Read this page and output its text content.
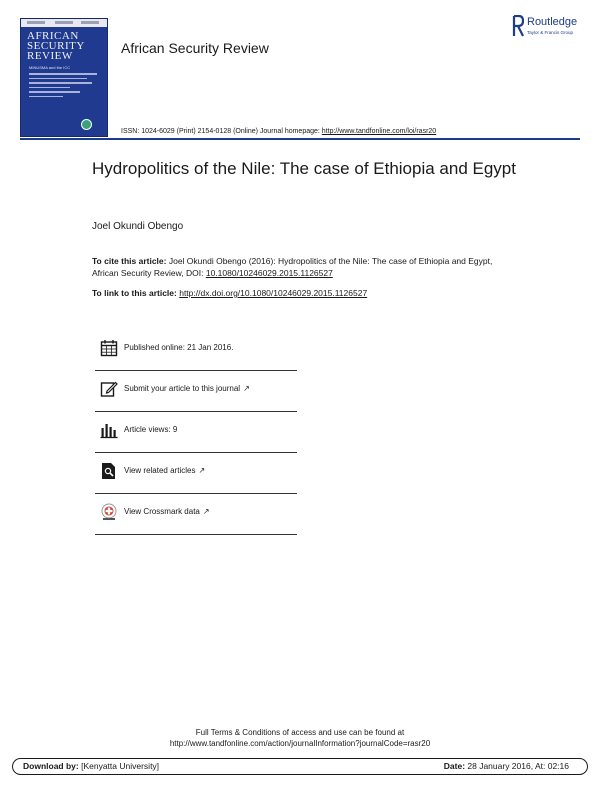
AFRICAN
SECURITY
REVIEW
MINUSMA and the ICC
African Security Review
Routledge
Taylor & Francis Group
ISSN: 1024-6029 (Print) 2154-0128 (Online) Journal homepage: http://www.tandfonline.com/loi/rasr20
Hydropolitics of the Nile: The case of Ethiopia and Egypt
Joel Okundi Obengo
To cite this article: Joel Okundi Obengo (2016): Hydropolitics of the Nile: The case of Ethiopia and Egypt, African Security Review, DOI: 10.1080/10246029.2015.1126527
To link to this article: http://dx.doi.org/10.1080/10246029.2015.1126527
Published online: 21 Jan 2016.
Submit your article to this journal ↗
Article views: 9
View related articles ↗
View Crossmark data ↗
Full Terms & Conditions of access and use can be found at
http://www.tandfonline.com/action/journalInformation?journalCode=rasr20
Download by: [Kenyatta University]	Date: 28 January 2016, At: 02:16
